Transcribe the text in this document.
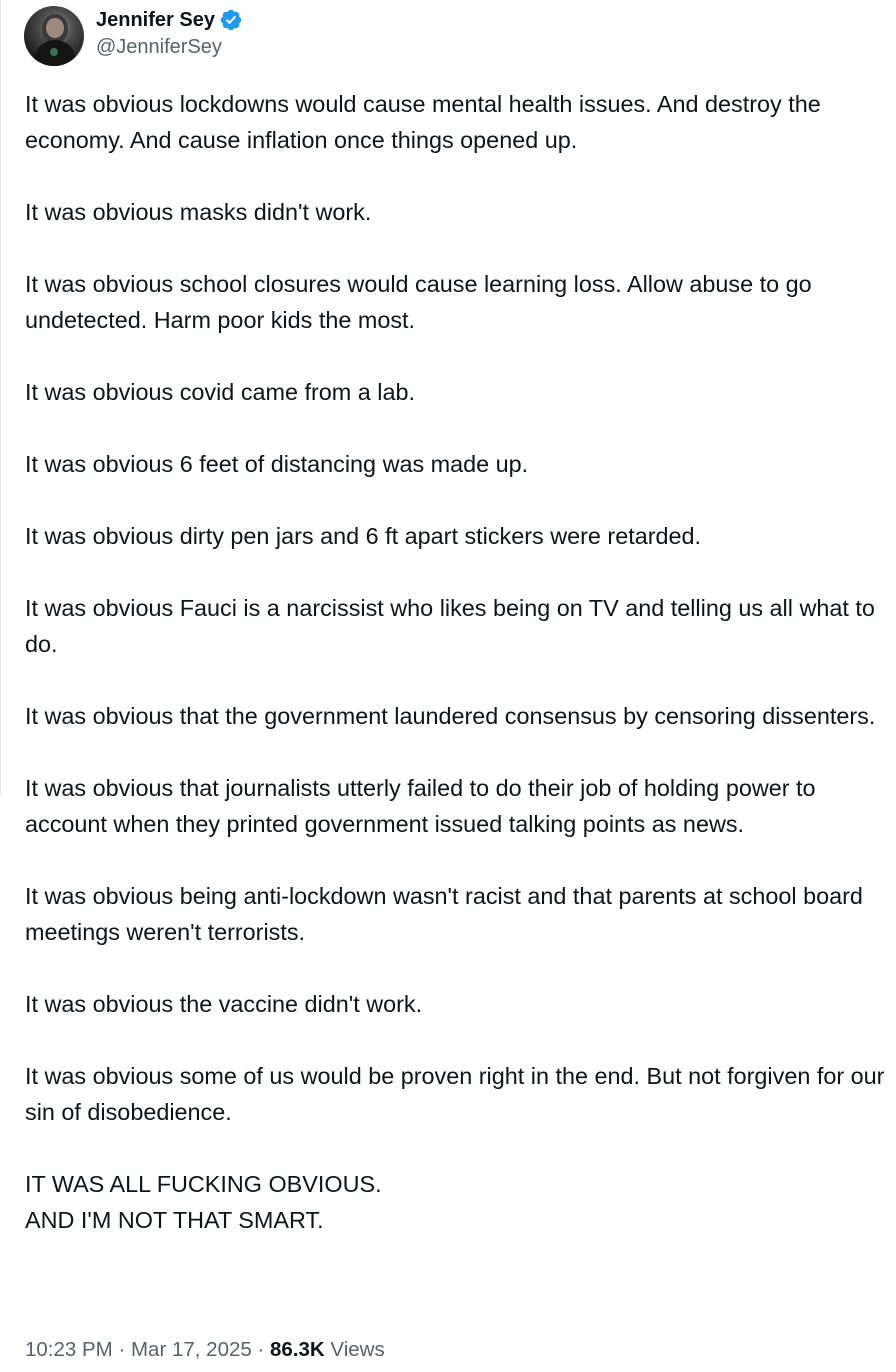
Jennifer Sey
@JenniferSey

It was obvious lockdowns would cause mental health issues. And destroy the economy. And cause inflation once things opened up.

It was obvious masks didn't work.

It was obvious school closures would cause learning loss. Allow abuse to go undetected. Harm poor kids the most.

It was obvious covid came from a lab.

It was obvious 6 feet of distancing was made up.

It was obvious dirty pen jars and 6 ft apart stickers were retarded.

It was obvious Fauci is a narcissist who likes being on TV and telling us all what to do.

It was obvious that the government laundered consensus by censoring dissenters.

It was obvious that journalists utterly failed to do their job of holding power to account when they printed government issued talking points as news.

It was obvious being anti-lockdown wasn't racist and that parents at school board meetings weren't terrorists.

It was obvious the vaccine didn't work.

It was obvious some of us would be proven right in the end. But not forgiven for our sin of disobedience.

IT WAS ALL FUCKING OBVIOUS.
AND I'M NOT THAT SMART.

10:23 PM · Mar 17, 2025 · 86.3K Views
